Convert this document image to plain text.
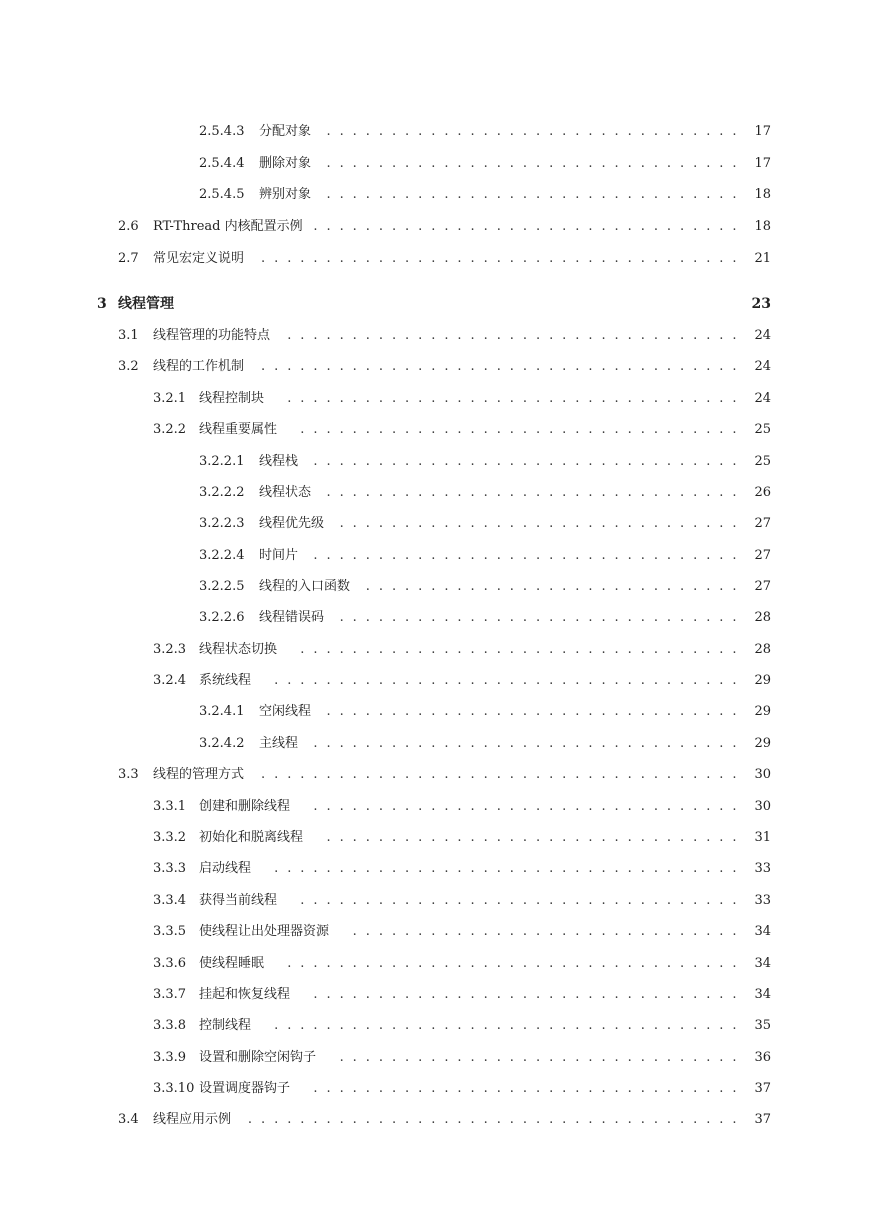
2.5.4.3 分配对象	. . . . . . . . . . . . . . . . . . . . . . . . . . . . . . . .	17
2.5.4.4 删除对象	. . . . . . . . . . . . . . . . . . . . . . . . . . . . . . . .	17
2.5.4.5 辨别对象	. . . . . . . . . . . . . . . . . . . . . . . . . . . . . . . .	18
2.6 RT-Thread 内核配置示例 . . . . . . . . . . . . . . . . . . . . . . . . . . . . . . . . .	18
2.7 常见宏定义说明	. . . . . . . . . . . . . . . . . . . . . . . . . . . . . . . . . . . . .	21
3 线程管理	23
3.1 线程管理的功能特点	. . . . . . . . . . . . . . . . . . . . . . . . . . . . . . . . . . .	24
3.2 线程的工作机制	. . . . . . . . . . . . . . . . . . . . . . . . . . . . . . . . . . . . .	24
3.2.1 线程控制块	. . . . . . . . . . . . . . . . . . . . . . . . . . . . . . . . . . .	24
3.2.2 线程重要属性	. . . . . . . . . . . . . . . . . . . . . . . . . . . . . . . . . .	25
3.2.2.1 线程栈	. . . . . . . . . . . . . . . . . . . . . . . . . . . . . . . . .	25
3.2.2.2 线程状态	. . . . . . . . . . . . . . . . . . . . . . . . . . . . . . . .	26
3.2.2.3 线程优先级	. . . . . . . . . . . . . . . . . . . . . . . . . . . . . . .	27
3.2.2.4 时间片	. . . . . . . . . . . . . . . . . . . . . . . . . . . . . . . . .	27
3.2.2.5 线程的入口函数	. . . . . . . . . . . . . . . . . . . . . . . . . . . . .	27
3.2.2.6 线程错误码	. . . . . . . . . . . . . . . . . . . . . . . . . . . . . . .	28
3.2.3 线程状态切换	. . . . . . . . . . . . . . . . . . . . . . . . . . . . . . . . . .	28
3.2.4 系统线程	. . . . . . . . . . . . . . . . . . . . . . . . . . . . . . . . . . . .	29
3.2.4.1 空闲线程	. . . . . . . . . . . . . . . . . . . . . . . . . . . . . . . .	29
3.2.4.2 主线程	. . . . . . . . . . . . . . . . . . . . . . . . . . . . . . . . .	29
3.3 线程的管理方式	. . . . . . . . . . . . . . . . . . . . . . . . . . . . . . . . . . . . .	30
3.3.1 创建和删除线程	. . . . . . . . . . . . . . . . . . . . . . . . . . . . . . . . .	30
3.3.2 初始化和脱离线程	. . . . . . . . . . . . . . . . . . . . . . . . . . . . . . . .	31
3.3.3 启动线程	. . . . . . . . . . . . . . . . . . . . . . . . . . . . . . . . . . . .	33
3.3.4 获得当前线程	. . . . . . . . . . . . . . . . . . . . . . . . . . . . . . . . . .	33
3.3.5 使线程让出处理器资源	. . . . . . . . . . . . . . . . . . . . . . . . . . . . . .	34
3.3.6 使线程睡眠	. . . . . . . . . . . . . . . . . . . . . . . . . . . . . . . . . . .	34
3.3.7 挂起和恢复线程	. . . . . . . . . . . . . . . . . . . . . . . . . . . . . . . . .	34
3.3.8 控制线程	. . . . . . . . . . . . . . . . . . . . . . . . . . . . . . . . . . . .	35
3.3.9 设置和删除空闲钩子	. . . . . . . . . . . . . . . . . . . . . . . . . . . . . . .	36
3.3.10 设置调度器钩子	. . . . . . . . . . . . . . . . . . . . . . . . . . . . . . . . .	37
3.4 线程应用示例	. . . . . . . . . . . . . . . . . . . . . . . . . . . . . . . . . . . . . .	37
